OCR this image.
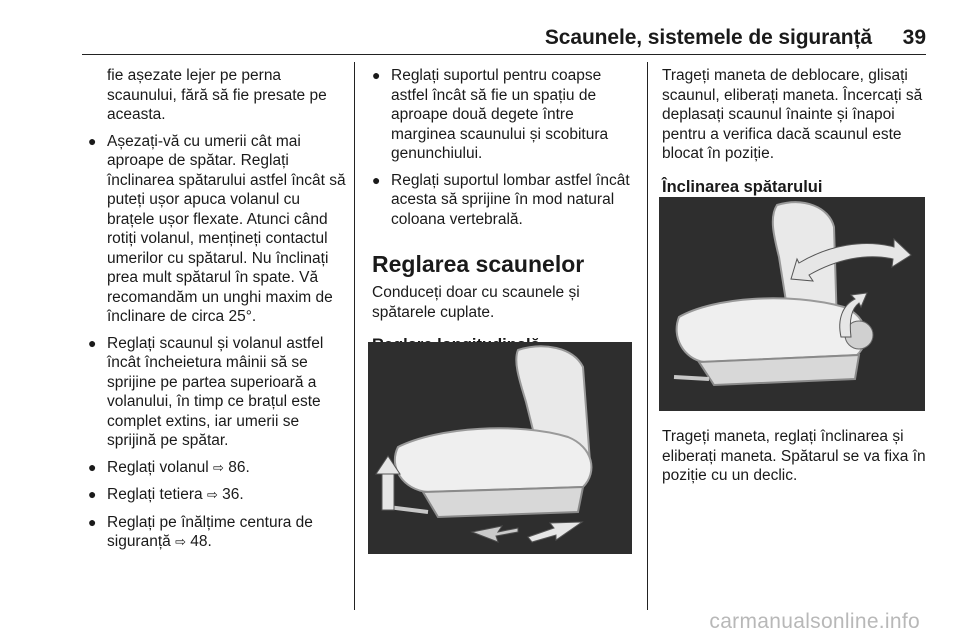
Scaunele, sistemele de siguranță 39

fie așezate lejer pe perna scaunului, fără să fie presate pe aceasta.

● Așezați-vă cu umerii cât mai aproape de spătar. Reglați înclinarea spătarului astfel încât să puteți ușor apuca volanul cu brațele ușor flexate. Atunci când rotiți volanul, mențineți contactul umerilor cu spătarul. Nu înclinați prea mult spătarul în spate. Vă recomandăm un unghi maxim de înclinare de circa 25°.
● Reglați scaunul și volanul astfel încât încheietura mâinii să se sprijine pe partea superioară a volanului, în timp ce brațul este complet extins, iar umerii se sprijină pe spătar.
● Reglați volanul ⇨ 86.
● Reglați tetiera ⇨ 36.
● Reglați pe înălțime centura de siguranță ⇨ 48.
● Reglați suportul pentru coapse astfel încât să fie un spațiu de aproape două degete între marginea scaunului și scobitura genunchiului.
● Reglați suportul lombar astfel încât acesta să sprijine în mod natural coloana vertebrală.
Reglarea scaunelor

Conduceți doar cu scaunele și spătarele cuplate.

Trageți maneta de deblocare, glisați scaunul, eliberați maneta. Încercați să deplasați scaunul înainte și înapoi pentru a verifica dacă scaunul este blocat în poziție.

Înclinarea spătarului

Trageți maneta, reglați înclinarea și eliberați maneta. Spătarul se va fixa în poziție cu un declic.

carmanualsonline.info
